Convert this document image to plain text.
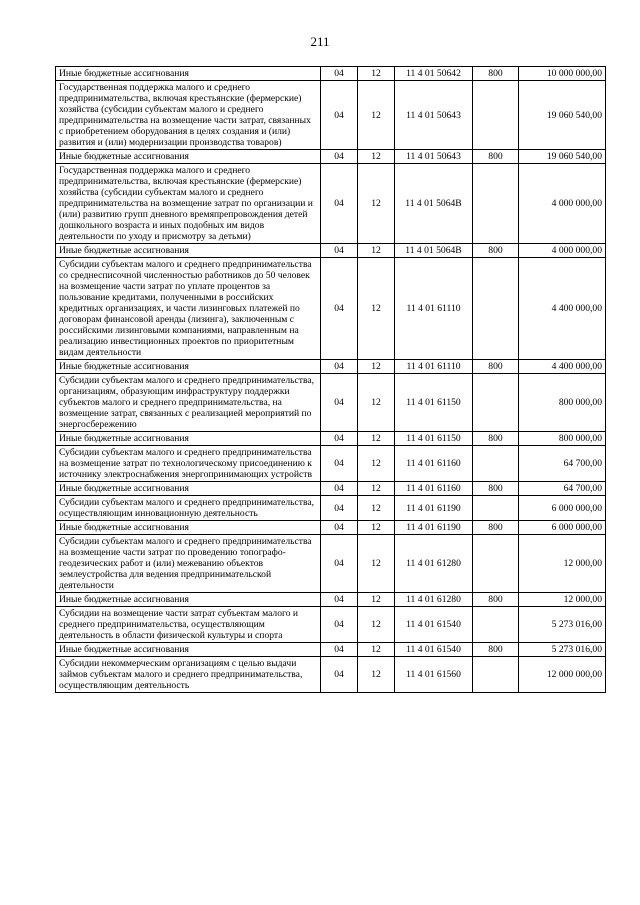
211
Иные бюджетные ассигнования	04	12	11 4 01 50642	800	10 000 000,00
Государственная поддержка малого и среднего предпринимательства, включая крестьянские (фермерские) хозяйства (субсидии субъектам малого и среднего предпринимательства на возмещение части затрат, связанных с приобретением оборудования в целях создания и (или) развития и (или) модернизации производства товаров)	04	12	11 4 01 50643		19 060 540,00
Иные бюджетные ассигнования	04	12	11 4 01 50643	800	19 060 540,00
Государственная поддержка малого и среднего предпринимательства, включая крестьянские (фермерские) хозяйства (субсидии субъектам малого и среднего предпринимательства на возмещение затрат по организации и (или) развитию групп дневного времяпрепровождения детей дошкольного возраста и иных подобных им видов деятельности по уходу и присмотру за детьми)	04	12	11 4 01 5064В		4 000 000,00
Иные бюджетные ассигнования	04	12	11 4 01 5064В	800	4 000 000,00
Субсидии субъектам малого и среднего предпринимательства со среднесписочной численностью работников до 50 человек на возмещение части затрат по уплате процентов за пользование кредитами, полученными в российских кредитных организациях, и части лизинговых платежей по договорам финансовой аренды (лизинга), заключенным с российскими лизинговыми компаниями, направленным на реализацию инвестиционных проектов по приоритетным видам деятельности	04	12	11 4 01 61110		4 400 000,00
Иные бюджетные ассигнования	04	12	11 4 01 61110	800	4 400 000,00
Субсидии субъектам малого и среднего предпринимательства, организациям, образующим инфраструктуру поддержки субъектов малого и среднего предпринимательства, на возмещение затрат, связанных с реализацией мероприятий по энергосбережению	04	12	11 4 01 61150		800 000,00
Иные бюджетные ассигнования	04	12	11 4 01 61150	800	800 000,00
Субсидии субъектам малого и среднего предпринимательства на возмещение затрат по технологическому присоединению к источнику электроснабжения энергопринимающих устройств	04	12	11 4 01 61160		64 700,00
Иные бюджетные ассигнования	04	12	11 4 01 61160	800	64 700,00
Субсидии субъектам малого и среднего предпринимательства, осуществляющим инновационную деятельность	04	12	11 4 01 61190		6 000 000,00
Иные бюджетные ассигнования	04	12	11 4 01 61190	800	6 000 000,00
Субсидии субъектам малого и среднего предпринимательства на возмещение части затрат по проведению топографо-геодезических работ и (или) межеванию объектов землеустройства для ведения предпринимательской деятельности	04	12	11 4 01 61280		12 000,00
Иные бюджетные ассигнования	04	12	11 4 01 61280	800	12 000,00
Субсидии на возмещение части затрат субъектам малого и среднего предпринимательства, осуществляющим деятельность в области физической культуры и спорта	04	12	11 4 01 61540		5 273 016,00
Иные бюджетные ассигнования	04	12	11 4 01 61540	800	5 273 016,00
Субсидии некоммерческим организациям с целью выдачи займов субъектам малого и среднего предпринимательства, осуществляющим деятельность	04	12	11 4 01 61560		12 000 000,00
